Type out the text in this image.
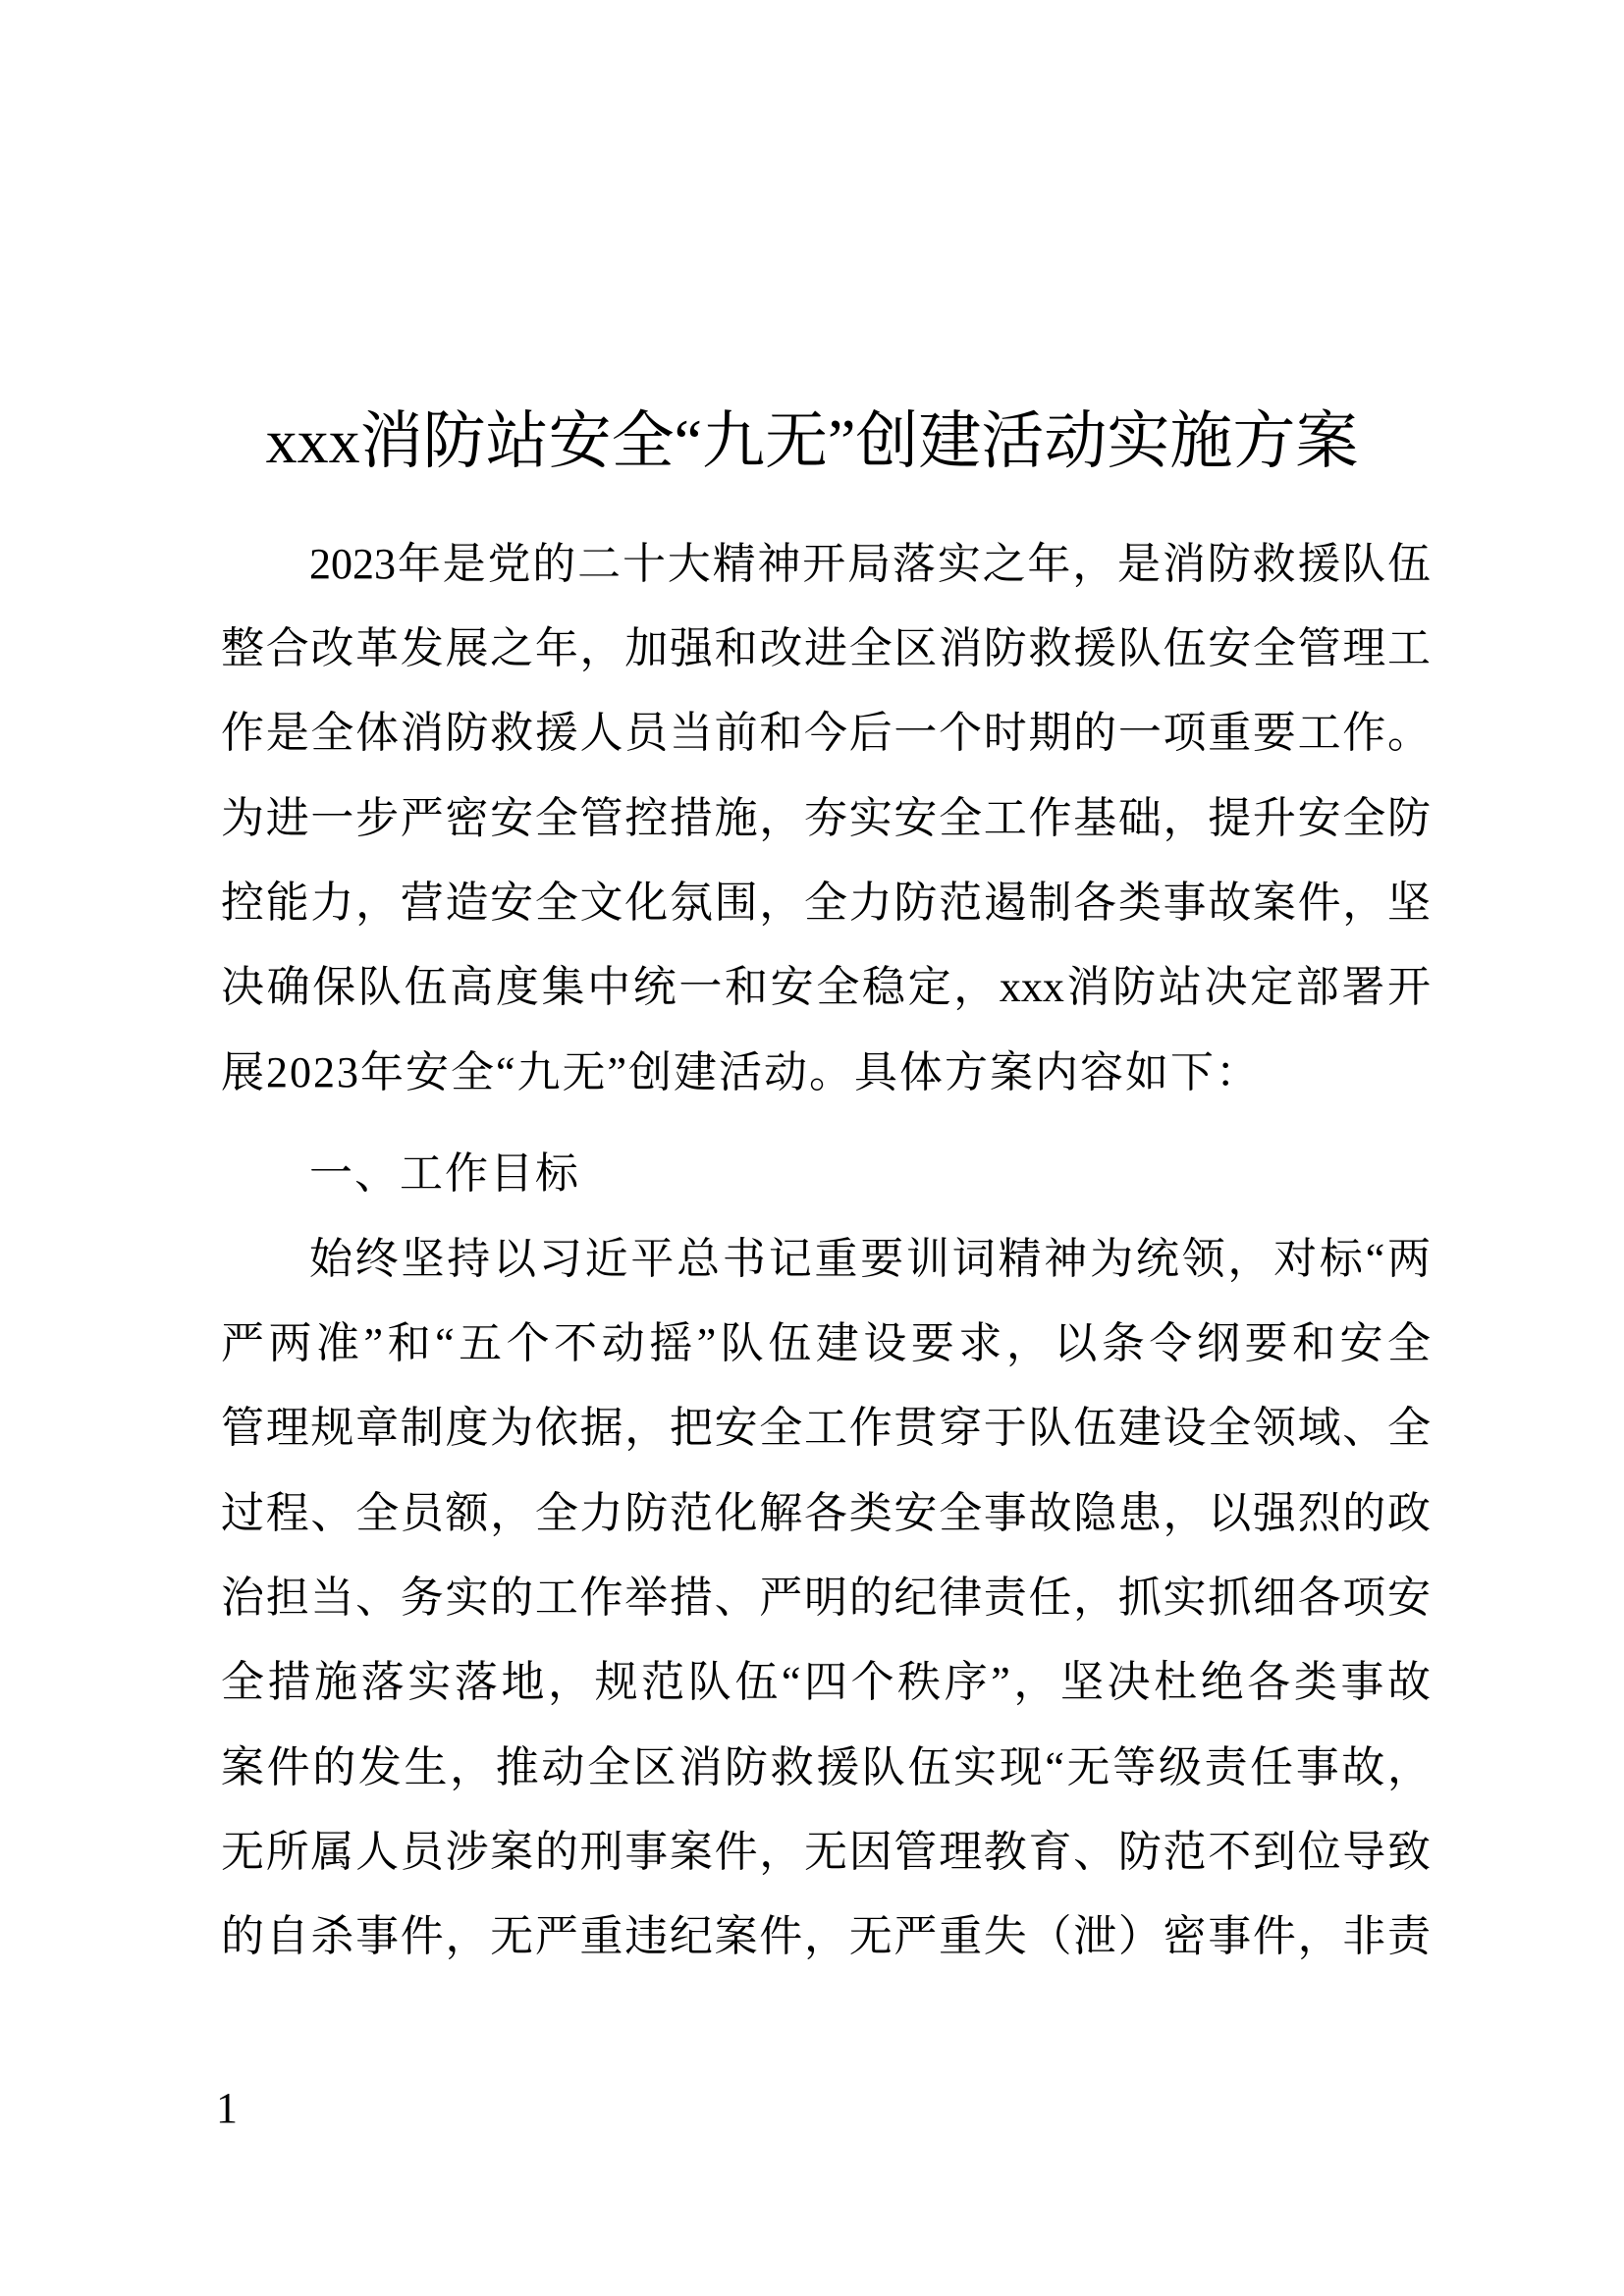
xxx消防站安全“九无”创建活动实施方案
2023年是党的二十大精神开局落实之年，是消防救援队伍
整合改革发展之年，加强和改进全区消防救援队伍安全管理工
作是全体消防救援人员当前和今后一个时期的一项重要工作。
为进一步严密安全管控措施，夯实安全工作基础，提升安全防
控能力，营造安全文化氛围，全力防范遏制各类事故案件，坚
决确保队伍高度集中统一和安全稳定，xxx消防站决定部署开
展2023年安全“九无”创建活动。具体方案内容如下：
一、工作目标
始终坚持以习近平总书记重要训词精神为统领，对标“两
严两准”和“五个不动摇”队伍建设要求，以条令纲要和安全
管理规章制度为依据，把安全工作贯穿于队伍建设全领域、全
过程、全员额，全力防范化解各类安全事故隐患，以强烈的政
治担当、务实的工作举措、严明的纪律责任，抓实抓细各项安
全措施落实落地，规范队伍“四个秩序”，坚决杜绝各类事故
案件的发生，推动全区消防救援队伍实现“无等级责任事故，
无所属人员涉案的刑事案件，无因管理教育、防范不到位导致
的自杀事件，无严重违纪案件，无严重失（泄）密事件，非责
1
